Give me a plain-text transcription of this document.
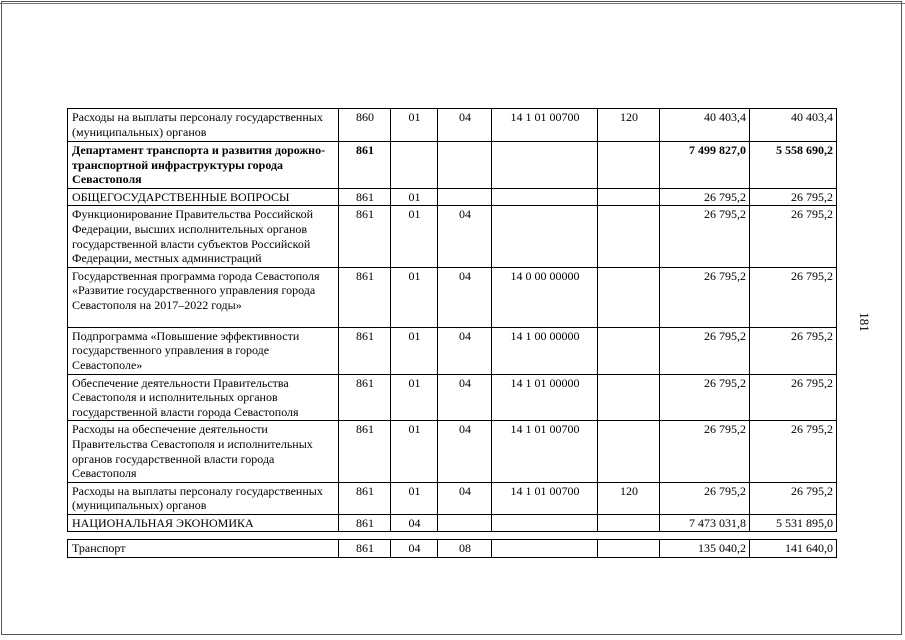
181
Расходы на выплаты персоналу государственных (муниципальных) органов	860	01	04	14 1 01 00700	120	40 403,4	40 403,4
Департамент транспорта и развития дорожно-транспортной инфраструктуры города Севастополя	861					7 499 827,0	5 558 690,2
ОБЩЕГОСУДАРСТВЕННЫЕ ВОПРОСЫ	861	01				26 795,2	26 795,2
Функционирование Правительства Российской Федерации, высших исполнительных органов государственной власти субъектов Российской Федерации, местных администраций	861	01	04			26 795,2	26 795,2
Государственная программа города Севастополя «Развитие государственного управления города Севастополя на 2017–2022 годы»	861	01	04	14 0 00 00000		26 795,2	26 795,2
Подпрограмма «Повышение эффективности государственного управления в городе Севастополе»	861	01	04	14 1 00 00000		26 795,2	26 795,2
Обеспечение деятельности Правительства Севастополя и исполнительных органов государственной власти города Севастополя	861	01	04	14 1 01 00000		26 795,2	26 795,2
Расходы на обеспечение деятельности Правительства Севастополя и исполнительных органов государственной власти города Севастополя	861	01	04	14 1 01 00700		26 795,2	26 795,2
Расходы на выплаты персоналу государственных (муниципальных) органов	861	01	04	14 1 01 00700	120	26 795,2	26 795,2
НАЦИОНАЛЬНАЯ ЭКОНОМИКА	861	04				7 473 031,8	5 531 895,0

Транспорт	861	04	08			135 040,2	141 640,0
